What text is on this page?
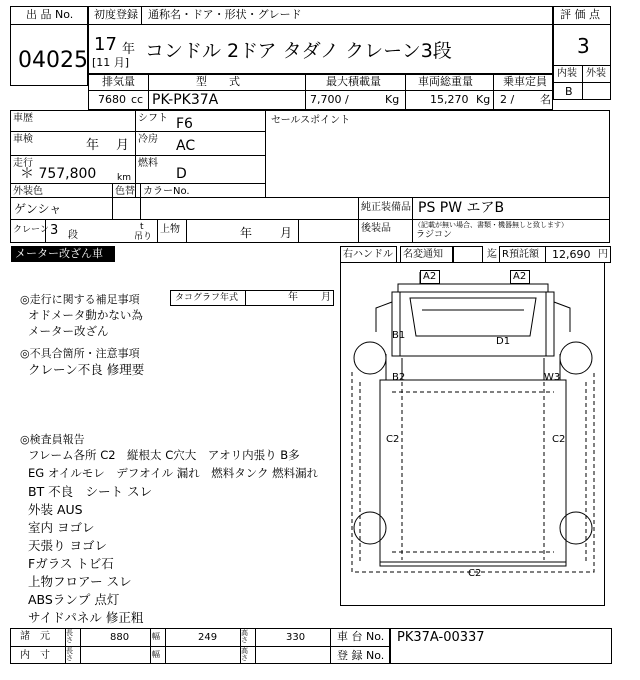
出 品 No.
04025
初度登録 通称名・ドア・形状・グレード
17 年
[11 月]
コンドル 2ドア タダノ クレーン3段
評 価 点
3
内装 外装
B
排気量	型　　式	最大積載量	車両総重量	乗車定員
7680 cc PK-PK37A	7,700 /	Kg	15,270 Kg 2 / 名
車歴	シフト F6	セールスポイント
車検	年 月 冷房 AC
走行
＊ 757,800 km
燃料
D
外装色
ゲンシャ
色替 カラーNo.
純正装備品 PS PW エアB
後装品	（記載が無い場合、書類・機器無しと致します）
ラジコン
クレーン 3 段
t
吊り
上物	年 月
メーター改ざん車	右ハンドル 名変通知	迄 R預託額 12,690 円
◎走行に関する補足事項	タコグラフ年式	年 月
オドメータ動かない為
メーター改ざん
◎不具合箇所・注意事項
クレーン不良 修理要
◎検査員報告
フレーム各所 C2　縦根太 C穴大　アオリ内張り B多
EG オイルモレ　デフオイル 漏れ　燃料タンク 燃料漏れ
BT 不良　シート スレ
外装 AUS
室内 ヨゴレ
天張り ヨゴレ
Fガラス トビ石
上物フロアー スレ
ABSランプ 点灯
サイドパネル 修正粗
A2	A2
B1
D1
B2	W3
C2	C2
C2
諸　元 長さ	880	幅	249	高さ	330
内　寸 長さ	幅	高さ
車 台 No. PK37A-00337
登 録 No.
